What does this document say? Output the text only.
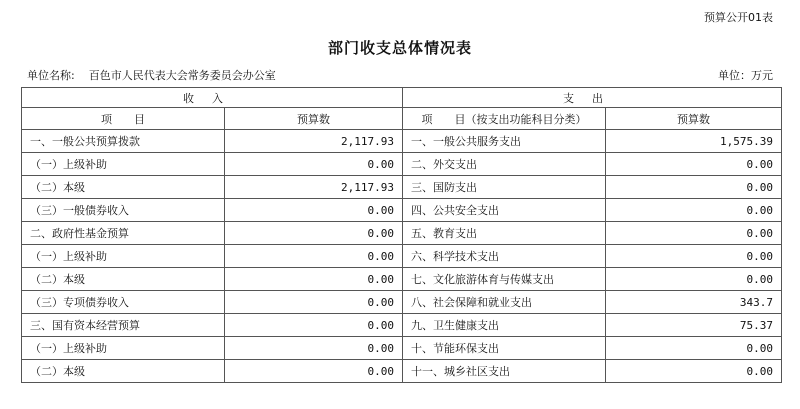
预算公开01表
部门收支总体情况表
单位名称: 百色市人民代表大会常务委员会办公室	单位：万元
收入		支出	
项　　目	预算数	项　　目（按支出功能科目分类）	预算数
一、一般公共预算拨款	2,117.93	一、一般公共服务支出	1,575.39
（一）上级补助	0.00	二、外交支出	0.00
（二）本级	2,117.93	三、国防支出	0.00
（三）一般债券收入	0.00	四、公共安全支出	0.00
二、政府性基金预算	0.00	五、教育支出	0.00
（一）上级补助	0.00	六、科学技术支出	0.00
（二）本级	0.00	七、文化旅游体育与传媒支出	0.00
（三）专项债券收入	0.00	八、社会保障和就业支出	343.7
三、国有资本经营预算	0.00	九、卫生健康支出	75.37
（一）上级补助	0.00	十、节能环保支出	0.00
（二）本级	0.00	十一、城乡社区支出	0.00
